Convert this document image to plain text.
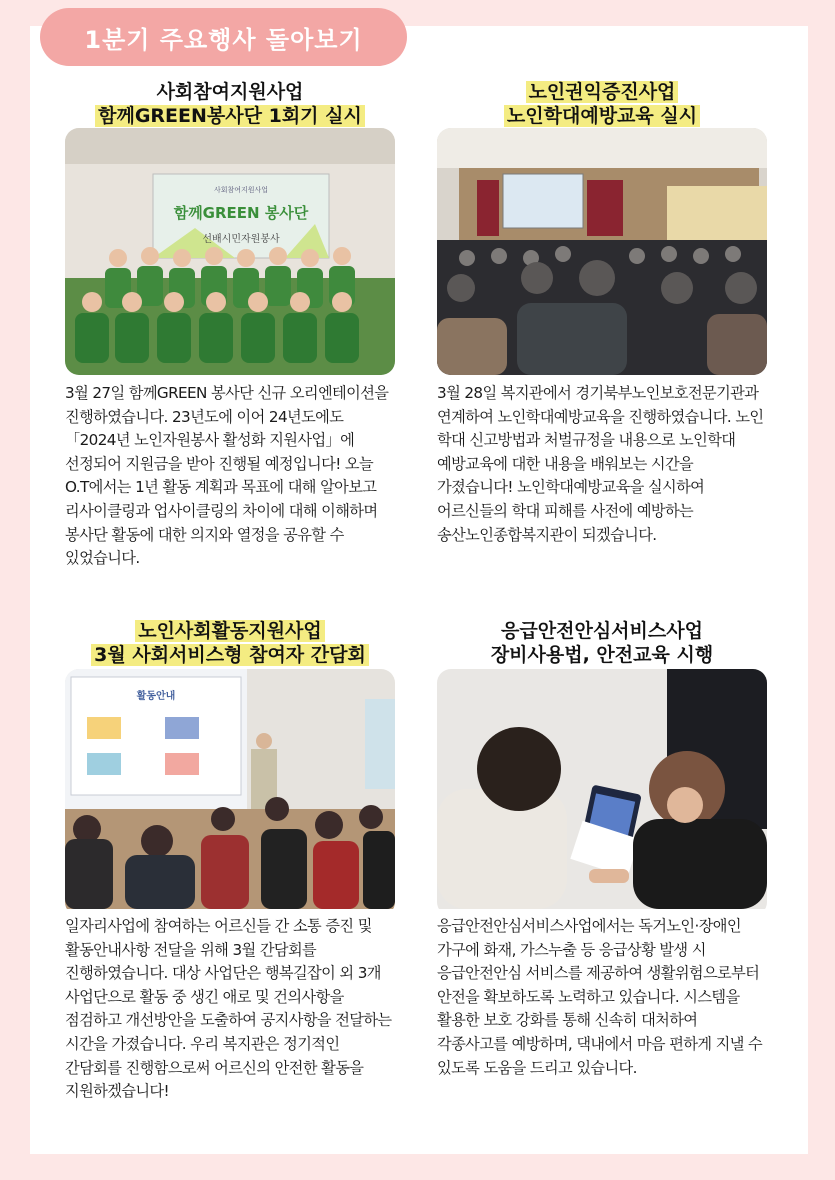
1분기 주요행사 돌아보기
사회참여지원사업
함께GREEN봉사단 1회기 실시
사회참여지원사업
함께GREEN 봉사단
선배시민자원봉사
3월 27일 함께GREEN 봉사단 신규 오리엔테이션을 진행하였습니다. 23년도에 이어 24년도에도 「2024년 노인자원봉사 활성화 지원사업」에 선정되어 지원금을 받아 진행될 예정입니다! 오늘 O.T에서는 1년 활동 계획과 목표에 대해 알아보고 리사이클링과 업사이클링의 차이에 대해 이해하며 봉사단 활동에 대한 의지와 열정을 공유할 수 있었습니다.
노인권익증진사업
노인학대예방교육 실시
3월 28일 복지관에서 경기북부노인보호전문기관과 연계하여 노인학대예방교육을 진행하였습니다. 노인 학대 신고방법과 처벌규정을 내용으로 노인학대 예방교육에 대한 내용을 배워보는 시간을 가졌습니다! 노인학대예방교육을 실시하여 어르신들의 학대 피해를 사전에 예방하는 송산노인종합복지관이 되겠습니다.
노인사회활동지원사업
3월 사회서비스형 참여자 간담회
활동안내
일자리사업에 참여하는 어르신들 간 소통 증진 및 활동안내사항 전달을 위해 3월 간담회를 진행하였습니다. 대상 사업단은 행복길잡이 외 3개 사업단으로 활동 중 생긴 애로 및 건의사항을 점검하고 개선방안을 도출하여 공지사항을 전달하는 시간을 가졌습니다. 우리 복지관은 정기적인 간담회를 진행함으로써 어르신의 안전한 활동을 지원하겠습니다!
응급안전안심서비스사업
장비사용법, 안전교육 시행
응급안전안심서비스사업에서는 독거노인·장애인 가구에 화재, 가스누출 등 응급상황 발생 시 응급안전안심 서비스를 제공하여 생활위험으로부터 안전을 확보하도록 노력하고 있습니다. 시스템을 활용한 보호 강화를 통해 신속히 대처하여 각종사고를 예방하며, 댁내에서 마음 편하게 지낼 수 있도록 도움을 드리고 있습니다.
